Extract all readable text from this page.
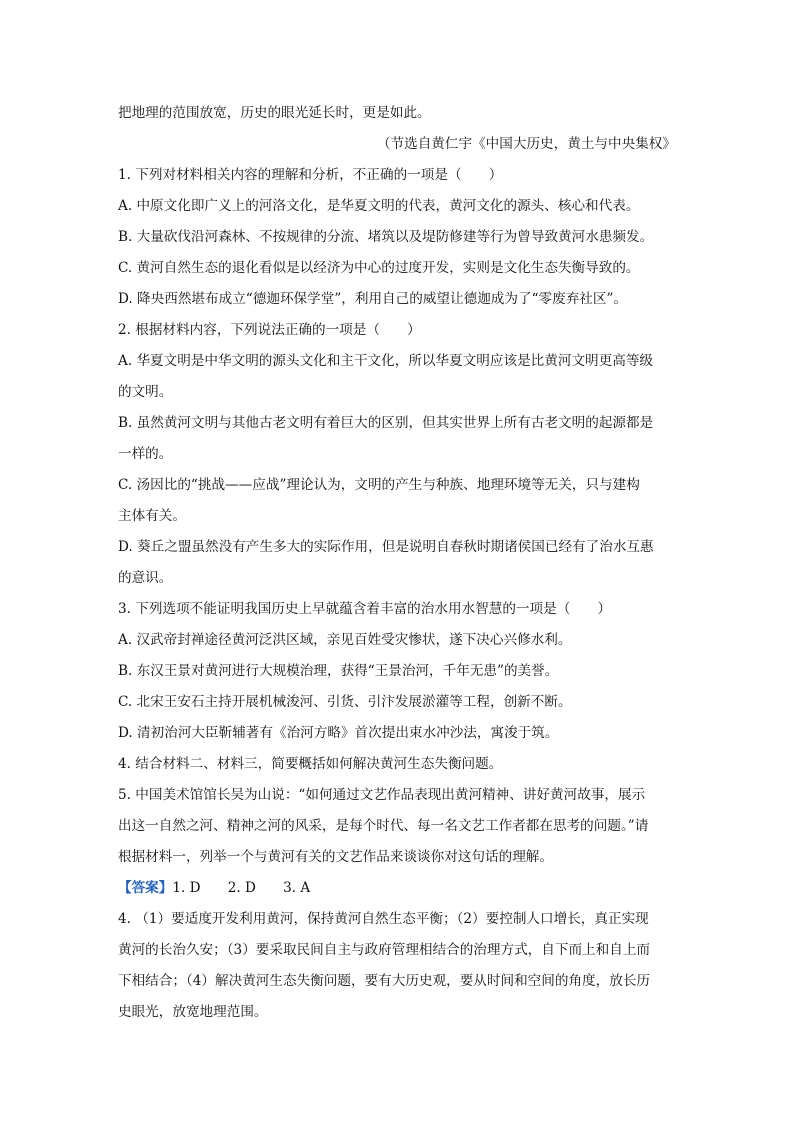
把地理的范围放宽，历史的眼光延长时，更是如此。
（节选自黄仁宇《中国大历史，黄土与中央集权》
1. 下列对材料相关内容的理解和分析，不正确的一项是（　　）
A. 中原文化即广义上的河洛文化，是华夏文明的代表，黄河文化的源头、核心和代表。
B. 大量砍伐沿河森林、不按规律的分流、堵筑以及堤防修建等行为曾导致黄河水患频发。
C. 黄河自然生态的退化看似是以经济为中心的过度开发，实则是文化生态失衡导致的。
D. 降央西然堪布成立“德迦环保学堂”，利用自己的威望让德迦成为了“零废弃社区”。
2. 根据材料内容，下列说法正确的一项是（　　）
A. 华夏文明是中华文明的源头文化和主干文化，所以华夏文明应该是比黄河文明更高等级
的文明。
B. 虽然黄河文明与其他古老文明有着巨大的区别，但其实世界上所有古老文明的起源都是
一样的。
C. 汤因比的“挑战——应战”理论认为，文明的产生与种族、地理环境等无关，只与建构
主体有关。
D. 葵丘之盟虽然没有产生多大的实际作用，但是说明自春秋时期诸侯国已经有了治水互惠
的意识。
3. 下列选项不能证明我国历史上早就蕴含着丰富的治水用水智慧的一项是（　　）
A. 汉武帝封禅途径黄河泛洪区域，亲见百姓受灾惨状，遂下决心兴修水利。
B. 东汉王景对黄河进行大规模治理，获得“王景治河，千年无患”的美誉。
C. 北宋王安石主持开展机械浚河、引货、引汴发展淤灌等工程，创新不断。
D. 清初治河大臣靳辅著有《治河方略》首次提出束水冲沙法，寓浚于筑。
4. 结合材料二、材料三，简要概括如何解决黄河生态失衡问题。
5. 中国美术馆馆长吴为山说：“如何通过文艺作品表现出黄河精神、讲好黄河故事，展示
出这一自然之河、精神之河的风采，是每个时代、每一名文艺工作者都在思考的问题。”请
根据材料一，列举一个与黄河有关的文艺作品来谈谈你对这句话的理解。
【答案】1. D　　2. D　　3. A
4. （1）要适度开发利用黄河，保持黄河自然生态平衡；（2）要控制人口增长，真正实现
黄河的长治久安；（3）要采取民间自主与政府管理相结合的治理方式，自下而上和自上而
下相结合；（4）解决黄河生态失衡问题，要有大历史观，要从时间和空间的角度，放长历
史眼光，放宽地理范围。
